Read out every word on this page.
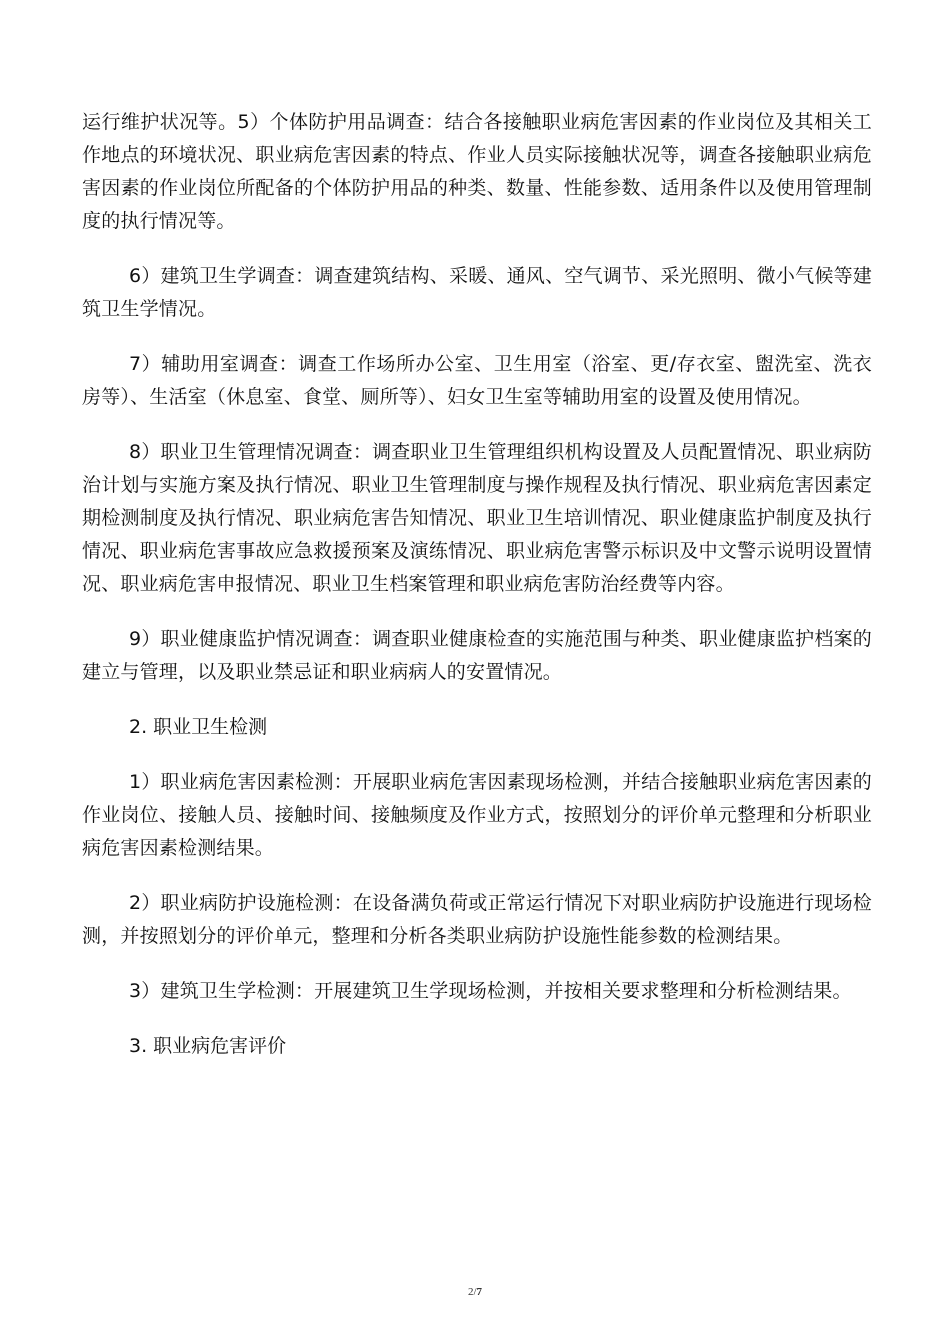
运行维护状况等。5）个体防护用品调查：结合各接触职业病危害因素的作业岗位及其相关工作地点的环境状况、职业病危害因素的特点、作业人员实际接触状况等，调查各接触职业病危害因素的作业岗位所配备的个体防护用品的种类、数量、性能参数、适用条件以及使用管理制度的执行情况等。

6）建筑卫生学调查：调查建筑结构、采暖、通风、空气调节、采光照明、微小气候等建筑卫生学情况。

7）辅助用室调查：调查工作场所办公室、卫生用室（浴室、更/存衣室、盥洗室、洗衣房等）、生活室（休息室、食堂、厕所等）、妇女卫生室等辅助用室的设置及使用情况。

8）职业卫生管理情况调查：调查职业卫生管理组织机构设置及人员配置情况、职业病防治计划与实施方案及执行情况、职业卫生管理制度与操作规程及执行情况、职业病危害因素定期检测制度及执行情况、职业病危害告知情况、职业卫生培训情况、职业健康监护制度及执行情况、职业病危害事故应急救援预案及演练情况、职业病危害警示标识及中文警示说明设置情况、职业病危害申报情况、职业卫生档案管理和职业病危害防治经费等内容。

9）职业健康监护情况调查：调查职业健康检查的实施范围与种类、职业健康监护档案的建立与管理，以及职业禁忌证和职业病病人的安置情况。

2. 职业卫生检测

1）职业病危害因素检测：开展职业病危害因素现场检测，并结合接触职业病危害因素的作业岗位、接触人员、接触时间、接触频度及作业方式，按照划分的评价单元整理和分析职业病危害因素检测结果。

2）职业病防护设施检测：在设备满负荷或正常运行情况下对职业病防护设施进行现场检测，并按照划分的评价单元，整理和分析各类职业病防护设施性能参数的检测结果。

3）建筑卫生学检测：开展建筑卫生学现场检测，并按相关要求整理和分析检测结果。

3. 职业病危害评价

2/7
